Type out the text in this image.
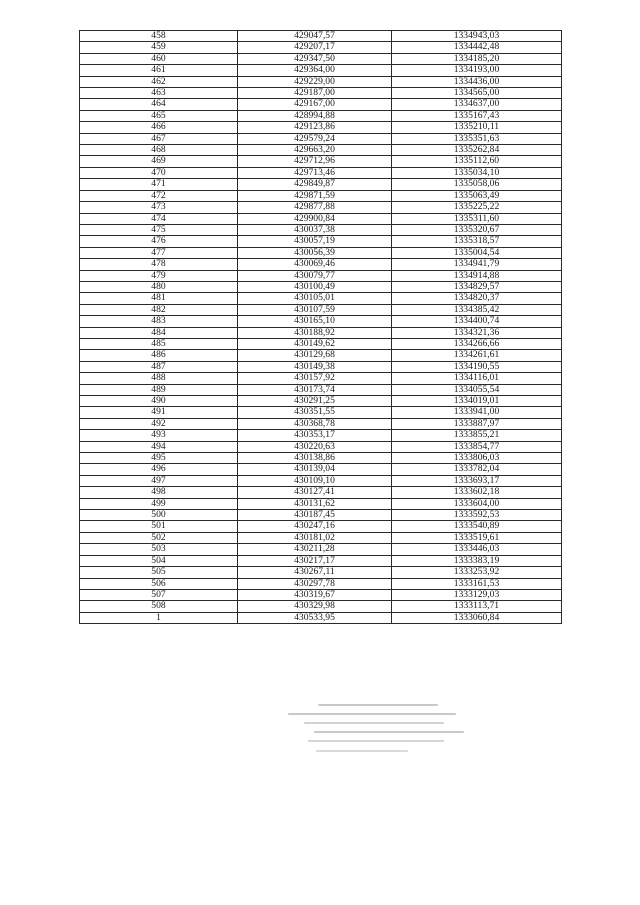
458	429047,57	1334943,03
459	429207,17	1334442,48
460	429347,50	1334185,20
461	429364,00	1334193,00
462	429229,00	1334436,00
463	429187,00	1334565,00
464	429167,00	1334637,00
465	428994,88	1335167,43
466	429123,86	1335210,11
467	429579,24	1335351,63
468	429663,20	1335262,84
469	429712,96	1335112,60
470	429713,46	1335034,10
471	429849,87	1335058,06
472	429871,59	1335063,49
473	429877,88	1335225,22
474	429900,84	1335311,60
475	430037,38	1335320,67
476	430057,19	1335318,57
477	430056,39	1335004,54
478	430069,46	1334941,79
479	430079,77	1334914,88
480	430100,49	1334829,57
481	430105,01	1334820,37
482	430107,59	1334385,42
483	430165,10	1334400,74
484	430188,92	1334321,36
485	430149,62	1334266,66
486	430129,68	1334261,61
487	430149,38	1334190,55
488	430157,92	1334116,01
489	430173,74	1334055,54
490	430291,25	1334019,01
491	430351,55	1333941,00
492	430368,78	1333887,97
493	430353,17	1333855,21
494	430220,63	1333854,77
495	430138,86	1333806,03
496	430139,04	1333782,04
497	430109,10	1333693,17
498	430127,41	1333602,18
499	430131,62	1333604,00
500	430187,45	1333592,53
501	430247,16	1333540,89
502	430181,02	1333519,61
503	430211,28	1333446,03
504	430217,17	1333383,19
505	430267,11	1333253,92
506	430297,78	1333161,53
507	430319,67	1333129,03
508	430329,98	1333113,71
1	430533,95	1333060,84
